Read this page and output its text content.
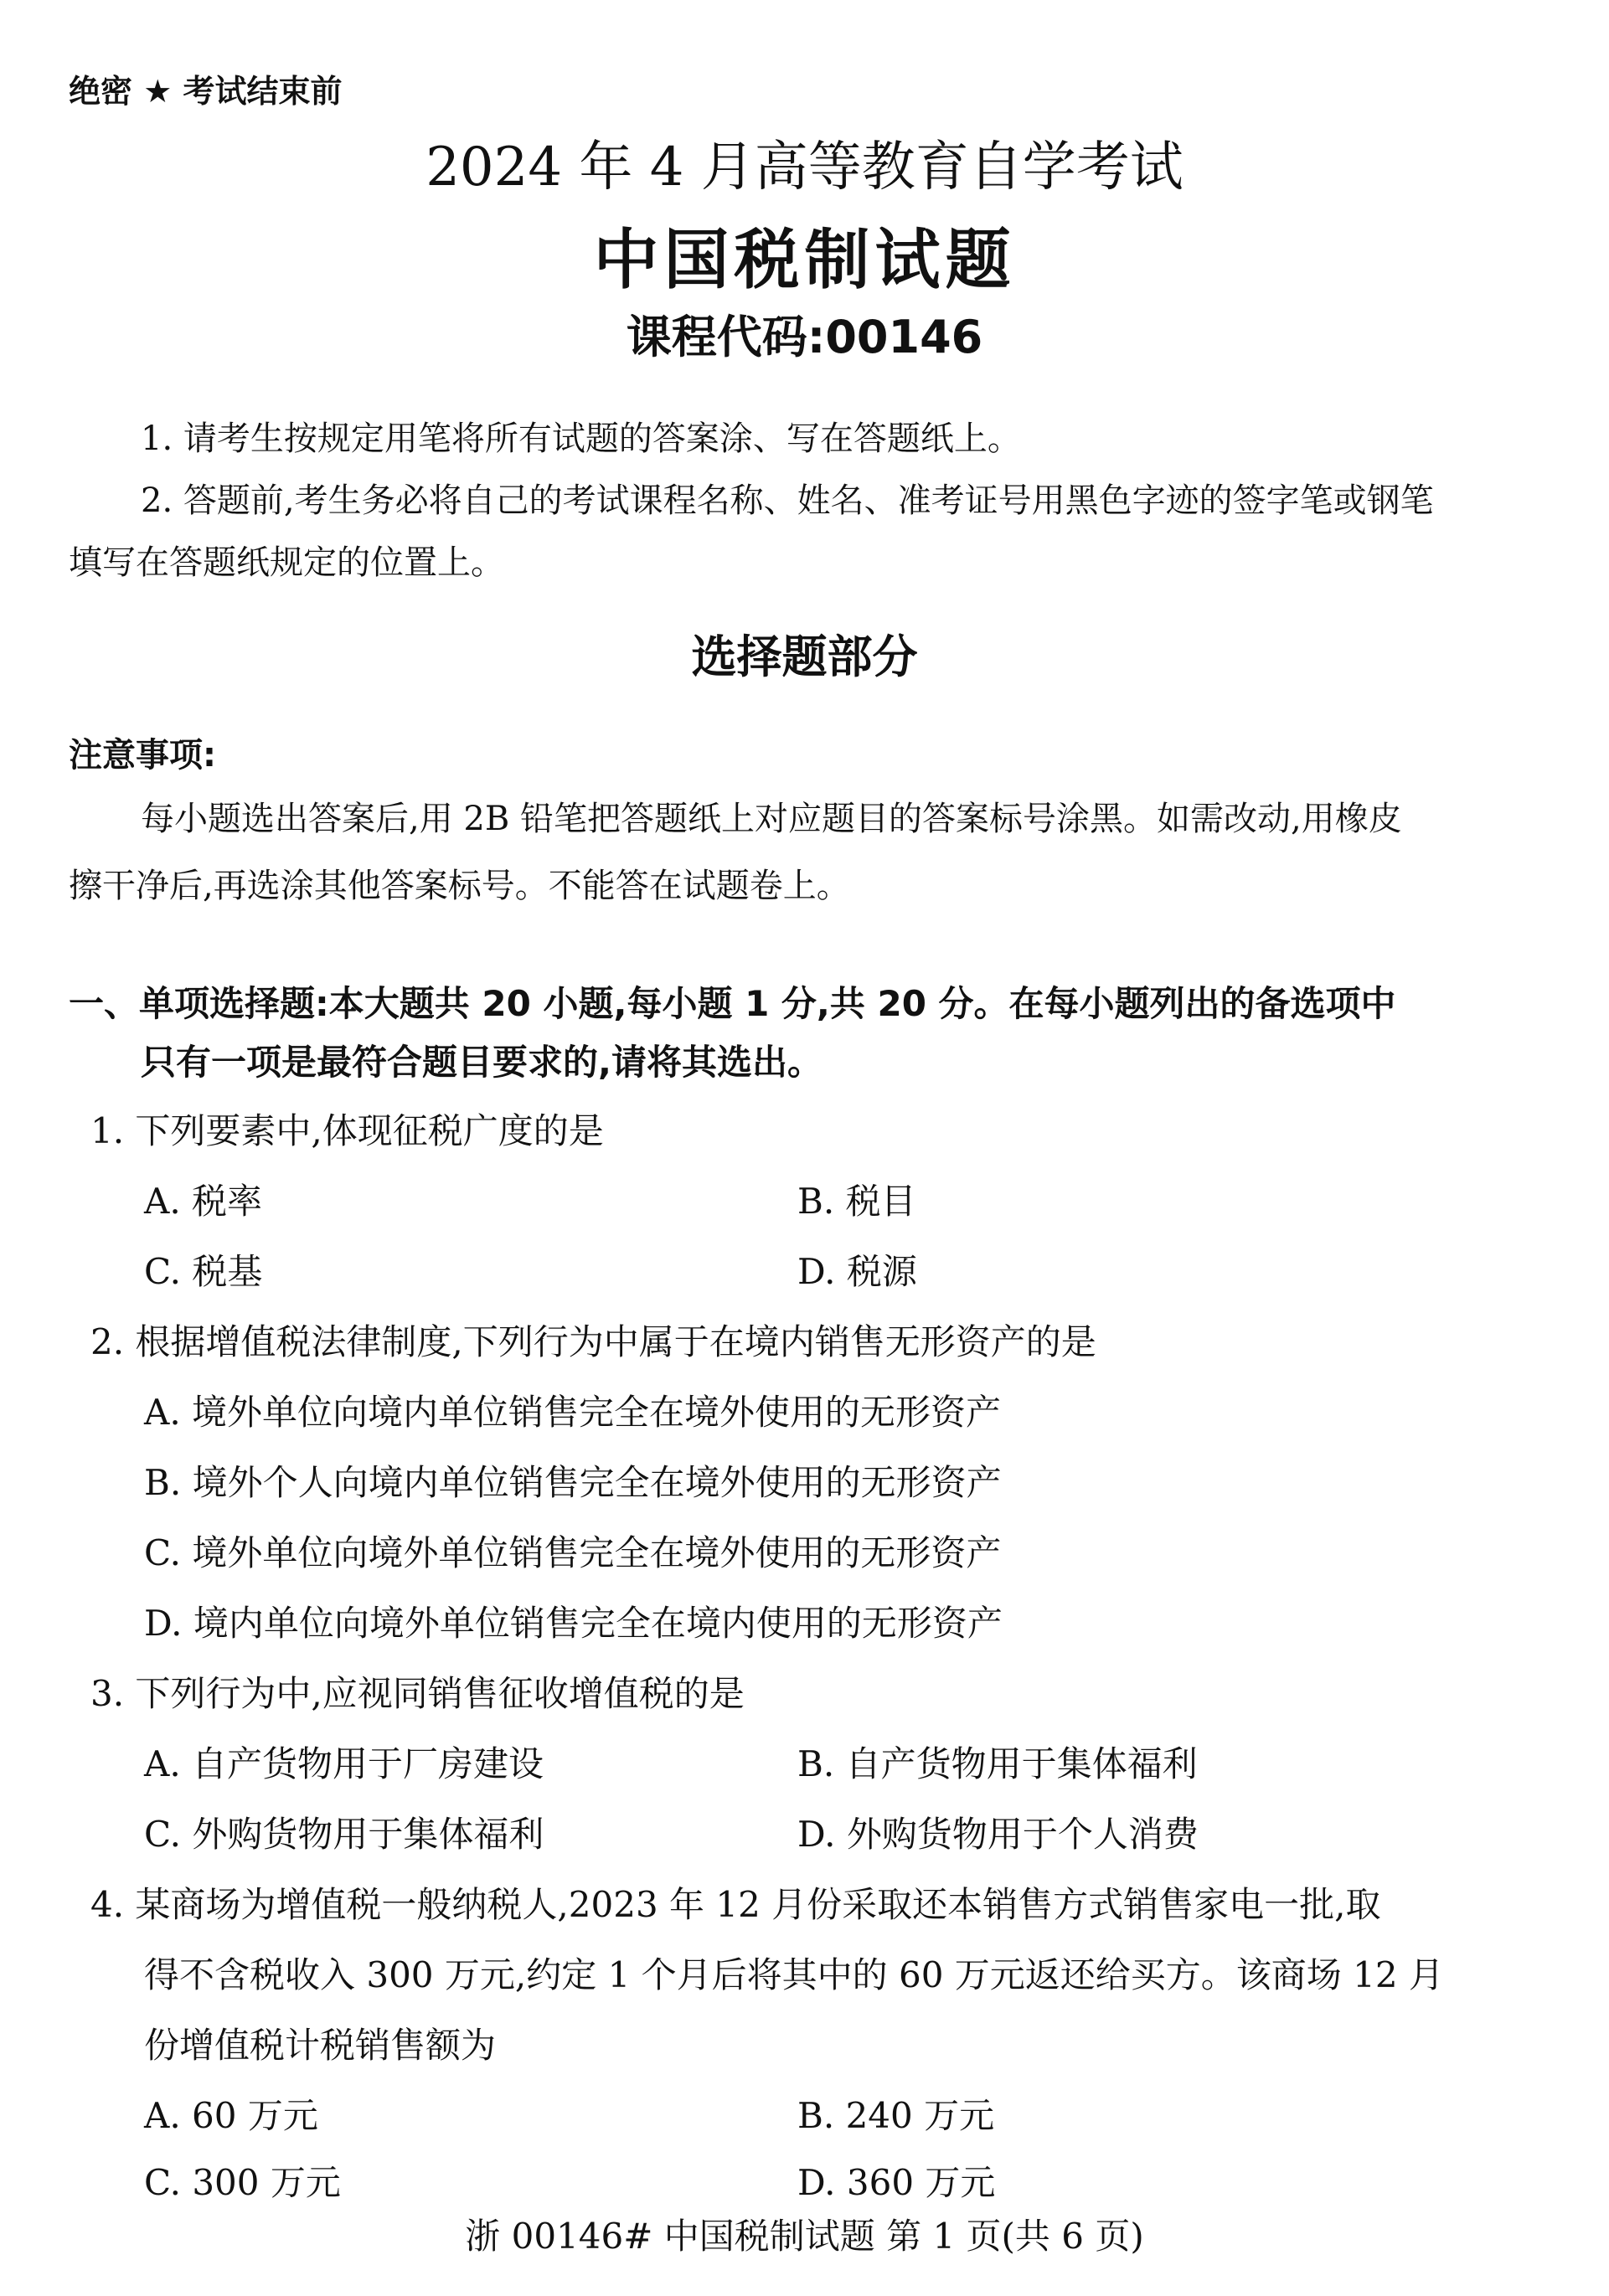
绝密 ★ 考试结束前
2024 年 4 月高等教育自学考试
中国税制试题
课程代码:00146
1. 请考生按规定用笔将所有试题的答案涂、写在答题纸上。
2. 答题前,考生务必将自己的考试课程名称、姓名、准考证号用黑色字迹的签字笔或钢笔
填写在答题纸规定的位置上。
选择题部分
注意事项:
每小题选出答案后,用 2B 铅笔把答题纸上对应题目的答案标号涂黑。如需改动,用橡皮
擦干净后,再选涂其他答案标号。不能答在试题卷上。
一、单项选择题:本大题共 20 小题,每小题 1 分,共 20 分。在每小题列出的备选项中
只有一项是最符合题目要求的,请将其选出。
1. 下列要素中,体现征税广度的是
A. 税率	B. 税目
C. 税基	D. 税源
2. 根据增值税法律制度,下列行为中属于在境内销售无形资产的是
A. 境外单位向境内单位销售完全在境外使用的无形资产
B. 境外个人向境内单位销售完全在境外使用的无形资产
C. 境外单位向境外单位销售完全在境外使用的无形资产
D. 境内单位向境外单位销售完全在境内使用的无形资产
3. 下列行为中,应视同销售征收增值税的是
A. 自产货物用于厂房建设	B. 自产货物用于集体福利
C. 外购货物用于集体福利	D. 外购货物用于个人消费
4. 某商场为增值税一般纳税人,2023 年 12 月份采取还本销售方式销售家电一批,取
得不含税收入 300 万元,约定 1 个月后将其中的 60 万元返还给买方。该商场 12 月
份增值税计税销售额为
A. 60 万元	B. 240 万元
C. 300 万元	D. 360 万元
浙 00146# 中国税制试题 第 1 页(共 6 页)
